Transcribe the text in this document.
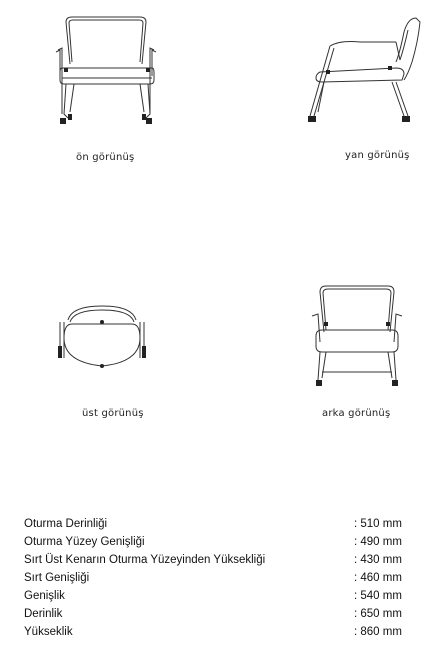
ön görünüş	yan görünüş
üst görünüş	arka görünüş
Oturma Derinliği	: 510 mm
Oturma Yüzey Genişliği	: 490 mm
Sırt Üst Kenarın Oturma Yüzeyinden Yüksekliği	: 430 mm
Sırt Genişliği	: 460 mm
Genişlik	: 540 mm
Derinlik	: 650 mm
Yükseklik	: 860 mm
